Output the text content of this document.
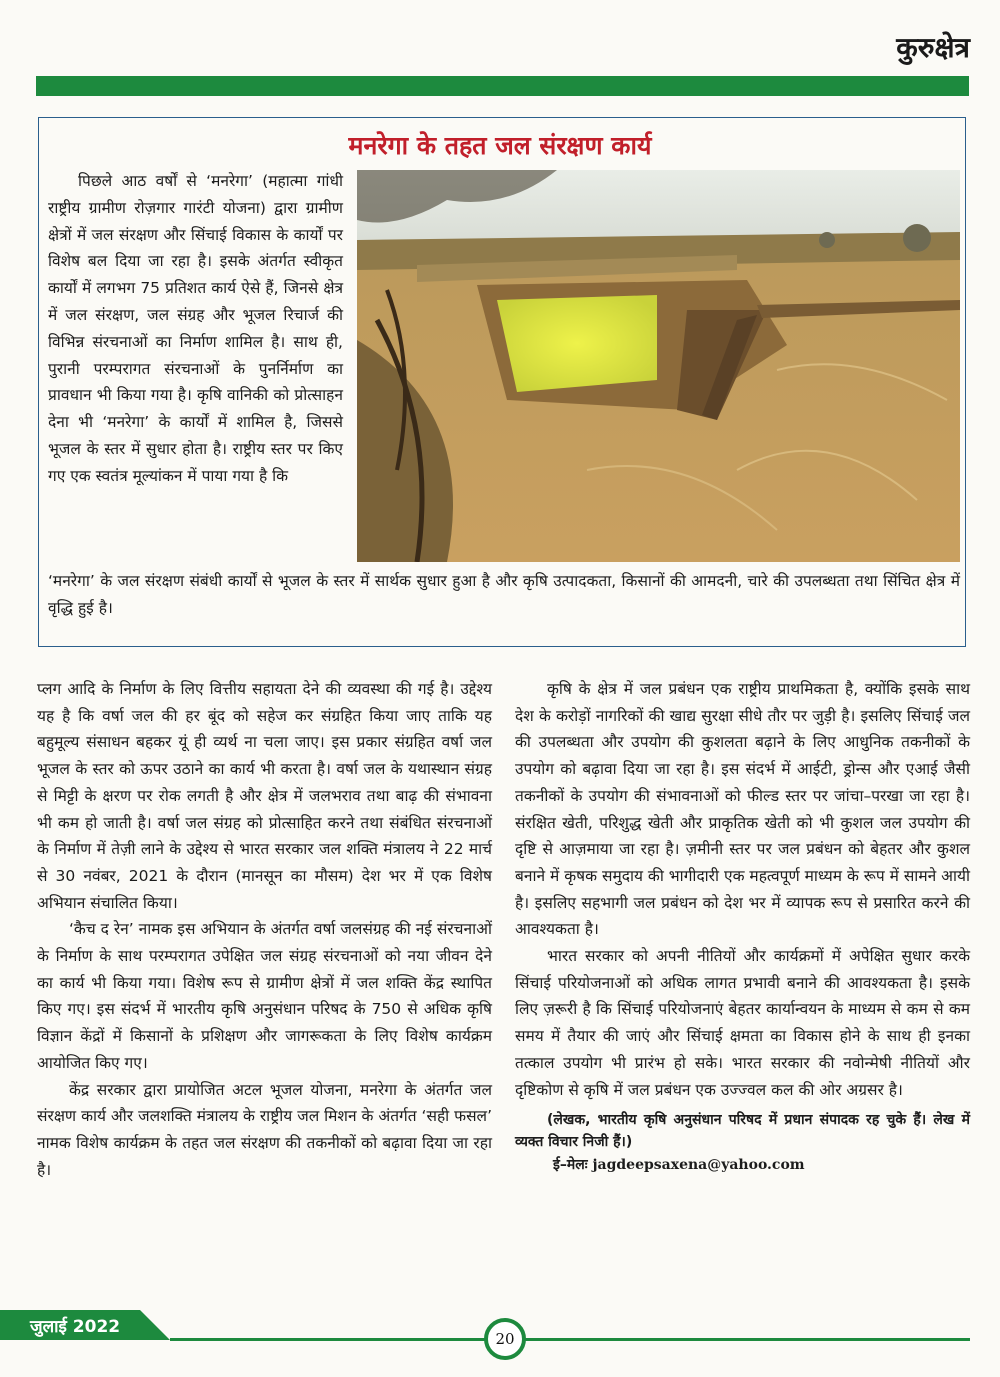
कुरुक्षेत्र
मनरेगा के तहत जल संरक्षण कार्य
पिछले आठ वर्षों से ‘मनरेगा’ (महात्मा गांधी राष्ट्रीय ग्रामीण रोज़गार गारंटी योजना) द्वारा ग्रामीण क्षेत्रों में जल संरक्षण और सिंचाई विकास के कार्यों पर विशेष बल दिया जा रहा है। इसके अंतर्गत स्वीकृत कार्यों में लगभग 75 प्रतिशत कार्य ऐसे हैं, जिनसे क्षेत्र में जल संरक्षण, जल संग्रह और भूजल रिचार्ज की विभिन्न संरचनाओं का निर्माण शामिल है। साथ ही, पुरानी परम्परागत संरचनाओं के पुनर्निर्माण का प्रावधान भी किया गया है। कृषि वानिकी को प्रोत्साहन देना भी ‘मनरेगा’ के कार्यों में शामिल है, जिससे भूजल के स्तर में सुधार होता है। राष्ट्रीय स्तर पर किए गए एक स्वतंत्र मूल्यांकन में पाया गया है कि
‘मनरेगा’ के जल संरक्षण संबंधी कार्यों से भूजल के स्तर में सार्थक सुधार हुआ है और कृषि उत्पादकता, किसानों की आमदनी, चारे की उपलब्धता तथा सिंचित क्षेत्र में वृद्धि हुई है।

प्लग आदि के निर्माण के लिए वित्तीय सहायता देने की व्यवस्था की गई है। उद्देश्य यह है कि वर्षा जल की हर बूंद को सहेज कर संग्रहित किया जाए ताकि यह बहुमूल्य संसाधन बहकर यूं ही व्यर्थ ना चला जाए। इस प्रकार संग्रहित वर्षा जल भूजल के स्तर को ऊपर उठाने का कार्य भी करता है। वर्षा जल के यथास्थान संग्रह से मिट्टी के क्षरण पर रोक लगती है और क्षेत्र में जलभराव तथा बाढ़ की संभावना भी कम हो जाती है। वर्षा जल संग्रह को प्रोत्साहित करने तथा संबंधित संरचनाओं के निर्माण में तेज़ी लाने के उद्देश्य से भारत सरकार जल शक्ति मंत्रालय ने 22 मार्च से 30 नवंबर, 2021 के दौरान (मानसून का मौसम) देश भर में एक विशेष अभियान संचालित किया।

‘कैच द रेन’ नामक इस अभियान के अंतर्गत वर्षा जलसंग्रह की नई संरचनाओं के निर्माण के साथ परम्परागत उपेक्षित जल संग्रह संरचनाओं को नया जीवन देने का कार्य भी किया गया। विशेष रूप से ग्रामीण क्षेत्रों में जल शक्ति केंद्र स्थापित किए गए। इस संदर्भ में भारतीय कृषि अनुसंधान परिषद के 750 से अधिक कृषि विज्ञान केंद्रों में किसानों के प्रशिक्षण और जागरूकता के लिए विशेष कार्यक्रम आयोजित किए गए।

केंद्र सरकार द्वारा प्रायोजित अटल भूजल योजना, मनरेगा के अंतर्गत जल संरक्षण कार्य और जलशक्ति मंत्रालय के राष्ट्रीय जल मिशन के अंतर्गत ‘सही फसल’ नामक विशेष कार्यक्रम के तहत जल संरक्षण की तकनीकों को बढ़ावा दिया जा रहा है।

कृषि के क्षेत्र में जल प्रबंधन एक राष्ट्रीय प्राथमिकता है, क्योंकि इसके साथ देश के करोड़ों नागरिकों की खाद्य सुरक्षा सीधे तौर पर जुड़ी है। इसलिए सिंचाई जल की उपलब्धता और उपयोग की कुशलता बढ़ाने के लिए आधुनिक तकनीकों के उपयोग को बढ़ावा दिया जा रहा है। इस संदर्भ में आईटी, ड्रोन्स और एआई जैसी तकनीकों के उपयोग की संभावनाओं को फील्ड स्तर पर जांचा–परखा जा रहा है। संरक्षित खेती, परिशुद्ध खेती और प्राकृतिक खेती को भी कुशल जल उपयोग की दृष्टि से आज़माया जा रहा है। ज़मीनी स्तर पर जल प्रबंधन को बेहतर और कुशल बनाने में कृषक समुदाय की भागीदारी एक महत्वपूर्ण माध्यम के रूप में सामने आयी है। इसलिए सहभागी जल प्रबंधन को देश भर में व्यापक रूप से प्रसारित करने की आवश्यकता है।

भारत सरकार को अपनी नीतियों और कार्यक्रमों में अपेक्षित सुधार करके सिंचाई परियोजनाओं को अधिक लागत प्रभावी बनाने की आवश्यकता है। इसके लिए ज़रूरी है कि सिंचाई परियोजनाएं बेहतर कार्यान्वयन के माध्यम से कम से कम समय में तैयार की जाएं और सिंचाई क्षमता का विकास होने के साथ ही इनका तत्काल उपयोग भी प्रारंभ हो सके। भारत सरकार की नवोन्मेषी नीतियों और दृष्टिकोण से कृषि में जल प्रबंधन एक उज्ज्वल कल की ओर अग्रसर है।

(लेखक, भारतीय कृषि अनुसंधान परिषद में प्रधान संपादक रह चुके हैं। लेख में व्यक्त विचार निजी हैं।)

ई–मेलः jagdeepsaxena@yahoo.com

जुलाई 2022
20
